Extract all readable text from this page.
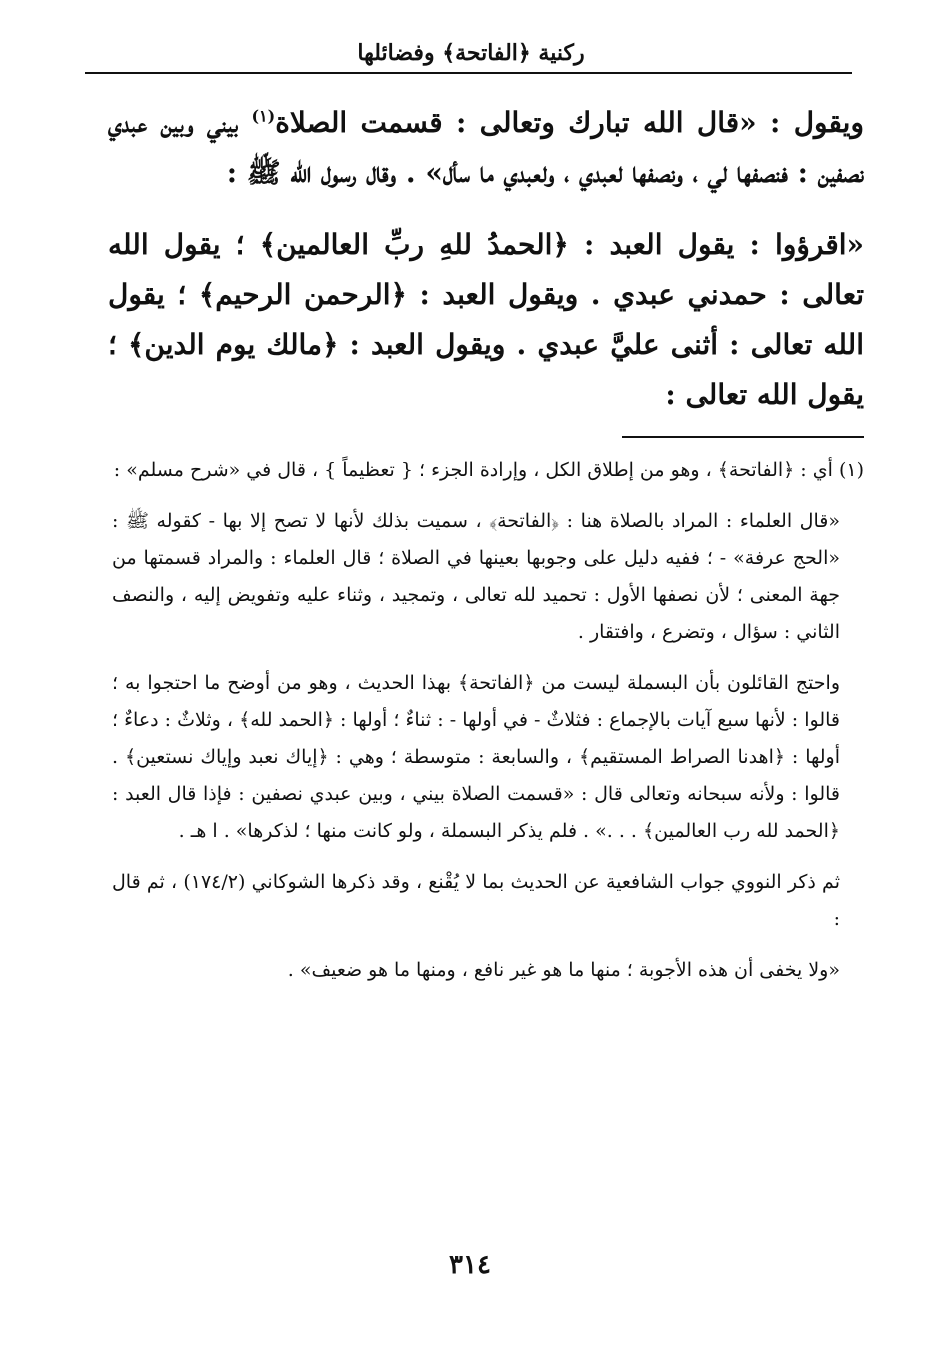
ركنية ﴿الفاتحة﴾ وفضائلها

ويقول : «قال الله تبارك وتعالى : قسمت الصلاة$^{(١)}$ بيني وبين عبدي نصفين : فنصفها لي ، ونصفها لعبدي ، ولعبدي ما سأل» . وقال رسول الله ﷺ :

«اقرؤوا : يقول العبد : ﴿الحمدُ للهِ ربِّ العالمين﴾ ؛ يقول الله تعالى : حمدني عبدي . ويقول العبد : ﴿الرحمن الرحيم﴾ ؛ يقول الله تعالى : أثنى عليَّ عبدي . ويقول العبد : ﴿مالك يوم الدين﴾ ؛ يقول الله تعالى :

(١) أي : ﴿الفاتحة﴾ ، وهو من إطلاق الكل ، وإرادة الجزء ؛ { تعظيماً } ، قال في «شرح مسلم» :

«قال العلماء : المراد بالصلاة هنا : ﴿الفاتحة﴾ ، سميت بذلك لأنها لا تصح إلا بها - كقوله ﷺ : «الحج عرفة» - ؛ ففيه دليل على وجوبها بعينها في الصلاة ؛ قال العلماء : والمراد قسمتها من جهة المعنى ؛ لأن نصفها الأول : تحميد لله تعالى ، وتمجيد ، وثناء عليه وتفويض إليه ، والنصف الثاني : سؤال ، وتضرع ، وافتقار .

واحتج القائلون بأن البسملة ليست من ﴿الفاتحة﴾ بهذا الحديث ، وهو من أوضح ما احتجوا به ؛ قالوا : لأنها سبع آيات بالإجماع : فثلاثٌ - في أولها - : ثناءٌ ؛ أولها : ﴿الحمد لله﴾ ، وثلاثٌ : دعاءٌ ؛ أولها : ﴿اهدنا الصراط المستقيم﴾ ، والسابعة : متوسطة ؛ وهي : ﴿إياك نعبد وإياك نستعين﴾ . قالوا : ولأنه سبحانه وتعالى قال : «قسمت الصلاة بيني ، وبين عبدي نصفين : فإذا قال العبد : ﴿الحمد لله رب العالمين﴾ . . .» . فلم يذكر البسملة ، ولو كانت منها ؛ لذكرها» . ا هـ .

ثم ذكر النووي جواب الشافعية عن الحديث بما لا يُقْنع ، وقد ذكرها الشوكاني (١٧٤/٢) ، ثم قال :

«ولا يخفى أن هذه الأجوبة ؛ منها ما هو غير نافع ، ومنها ما هو ضعيف» .

٣١٤
